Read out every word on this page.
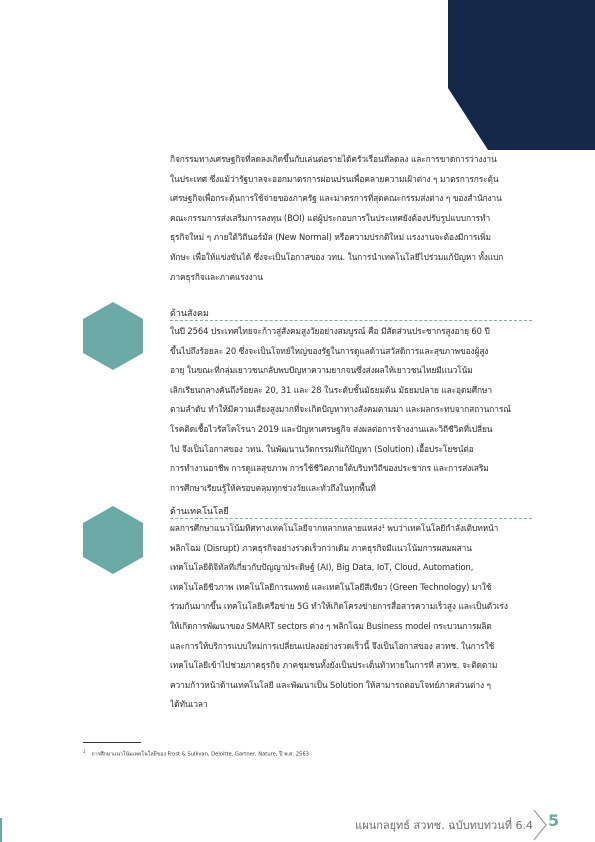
กิจกรรมทางเศรษฐกิจที่ลดลงเกิดขึ้นกับเล่นต่อรายได้ครัวเรือนที่ลดลง และการขาดการว่างงาน
ในประเทศ ซึ่งแม้ว่ารัฐบาลจะออกมาตรการผ่อนปรนเพื่อคลายความเฝ้าต่าง ๆ มาตรการกระตุ้น
เศรษฐกิจเพื่อกระตุ้นการใช้จ่ายของภาครัฐ และมาตรการที่สุดคณะกรรมส่งต่าง ๆ ของสำนักงาน
คณะกรรมการส่งเสริมการลงทุน (BOI) แต่ผู้ประกอบการในประเทศยังต้องปรับรูปแบบการทำ
ธุรกิจใหม่ ๆ ภายใต้วิถีนอร์มัล (New Normal) หรือความปรกติใหม่ แรงงานจะต้องมีการเพิ่ม
ทักษะ เพื่อให้แข่งขันได้ ซึ่งจะเป็นโอกาสของ วทน. ในการนำเทคโนโลยีไปร่วมแก้ปัญหา ทั้งแบก
ภาคธุรกิจและภาคแรงงาน
ด้านสังคม
ในปี 2564 ประเทศไทยจะก้าวสู่สังคมสูงวัยอย่างสมบูรณ์ คือ มีสัดส่วนประชากรสูงอายุ 60 ปี
ขึ้นไปถึงร้อยละ 20 ซึ่งจะเป็นโจทย์ใหญ่ของรัฐในการดูแลด้านสวัสดิการและสุขภาพของผู้สูง
อายุ ในขณะที่กลุ่มเยาวชนกลับพบปัญหาความยากจนซึ่งส่งผลให้เยาวชนไทยมีแนวโน้ม
เลิกเรียนกลางคันถึงร้อยละ 20, 31 และ 28 ในระดับชั้นมัธยมต้น มัธยมปลาย และอุดมศึกษา
ตามลำดับ ทำให้มีความเสี่ยงสูงมากที่จะเกิดปัญหาทางสังคมตามมา และผลกระทบจากสถานการณ์
โรคติดเชื้อไวรัสโคโรนา 2019 และปัญหาเศรษฐกิจ ส่งผลต่อการจ้างงานและวิถีชีวิตที่เปลี่ยน
ไป จึงเป็นโอกาสของ วทน. ในพัฒนานวัตกรรมที่แก้ปัญหา (Solution) เอื้อประโยชน์ต่อ
การทำงานอาชีพ การดูแลสุขภาพ การใช้ชีวิตภายใต้บริบทวิถีของประชากร และการส่งเสริม
การศึกษาเรียนรู้ให้ครอบคลุมทุกช่วงวัยและทั่วถึงในทุกพื้นที่
ด้านเทคโนโลยี
ผลการศึกษาแนวโน้มทิศทางเทคโนโลยีจากหลากหลายแหล่ง¹ พบว่าเทคโนโลยีกำลังเติบทหน้า
พลิกโฉม (Disrupt) ภาคธุรกิจอย่างรวดเร็วกว่าเดิม ภาคธุรกิจมีแนวโน้มการผสมผสาน
เทคโนโลยีดิจิทัลที่เกี่ยวกับปัญญาประดิษฐ์ (AI), Big Data, IoT, Cloud, Automation,
เทคโนโลยีชีวภาพ เทคโนโลยีการแพทย์ และเทคโนโลยีสีเขียว (Green Technology) มาใช้
ร่วมกันมากขึ้น เทคโนโลยีเครือข่าย 5G ทำให้เกิดโครงข่ายการสื่อสารความเร็วสูง และเป็นตัวเร่ง
ให้เกิดการพัฒนาของ SMART sectors ต่าง ๆ พลิกโฉม Business model กระบวนการผลิต
และการให้บริการแบบใหม่การเปลี่ยนแปลงอย่างรวดเร็วนี้ จึงเป็นโอกาสของ สวทช. ในการใช้
เทคโนโลยีเข้าไปช่วยภาคธุรกิจ ภาคชุมชนทั้งยังเป็นประเด็นท้าทายในการที่ สวทช. จะติดตาม
ความก้าวหน้าด้านเทคโนโลยี และพัฒนาเป็น Solution ให้สามารถตอบโจทย์ภาคส่วนต่าง ๆ
ได้ทันเวลา
$^1$การศึกษาแนวโน้มเทคโนโลยีของ Frost & Sullivan, Deloitte, Gartner, Nature, ปี พ.ศ. 2563
แผนกลยุทธ์ สวทช. ฉบับทบทวนที่ 6.4 5
